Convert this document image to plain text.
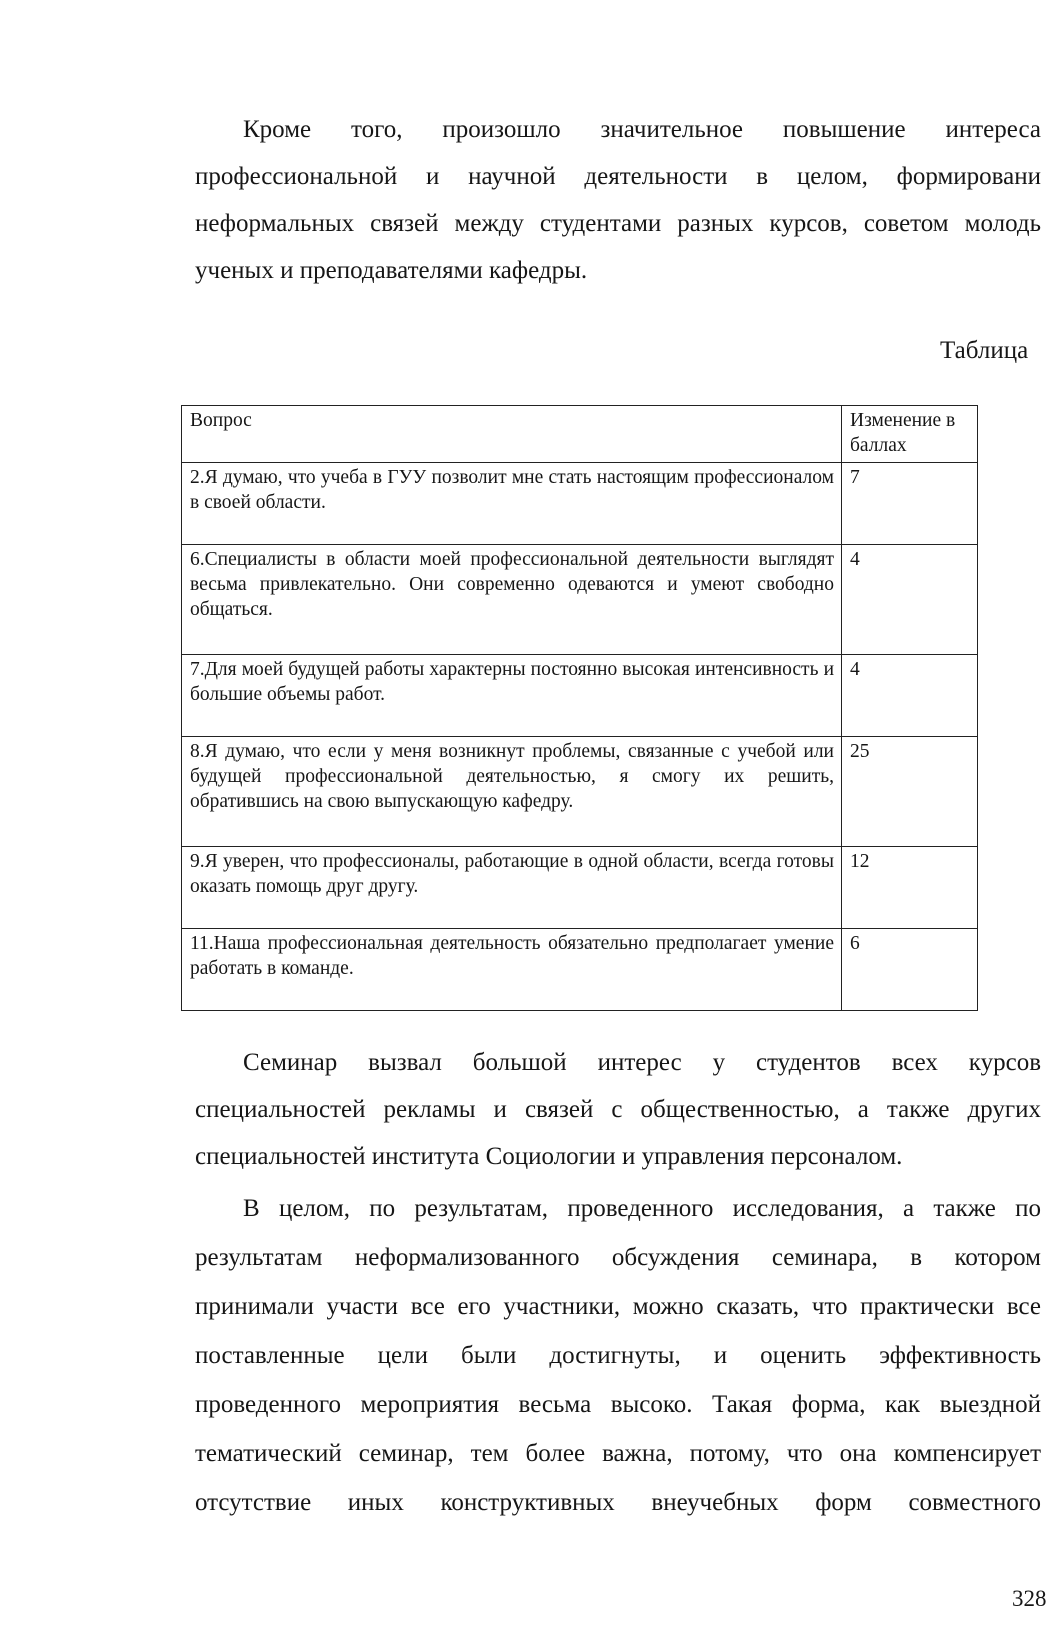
Кроме того, произошло значительное повышение интереса
профессиональной и научной деятельности в целом, формировани
неформальных связей между студентами разных курсов, советом молодь
ученых и преподавателями кафедры.
Таблица
Вопрос	Изменение в баллах
2.Я думаю, что учеба в ГУУ позволит мне стать настоящим профессионалом в своей области.	7
6.Специалисты в области моей профессиональной деятельности выглядят весьма привлекательно. Они современно одеваются и умеют свободно общаться.	4
7.Для моей будущей работы характерны постоянно высокая интенсивность и большие объемы работ.	4
8.Я думаю, что если у меня возникнут проблемы, связанные с учебой или будущей профессиональной деятельностью, я смогу их решить, обратившись на свою выпускающую кафедру.	25
9.Я уверен, что профессионалы, работающие в одной области, всегда готовы оказать помощь друг другу.	12
11.Наша профессиональная деятельность обязательно предполагает умение работать в команде.	6
Семинар вызвал большой интерес у студентов всех курсов
специальностей рекламы и связей с общественностью, а также других
специальностей института Социологии и управления персоналом.
В целом, по результатам, проведенного исследования, а также по
результатам неформализованного обсуждения семинара, в котором
принимали участи все его участники, можно сказать, что практически все
поставленные цели были достигнуты, и оценить эффективность
проведенного мероприятия весьма высоко. Такая форма, как выездной
тематический семинар, тем более важна, потому, что она компенсирует
отсутствие иных конструктивных внеучебных форм совместного
328
